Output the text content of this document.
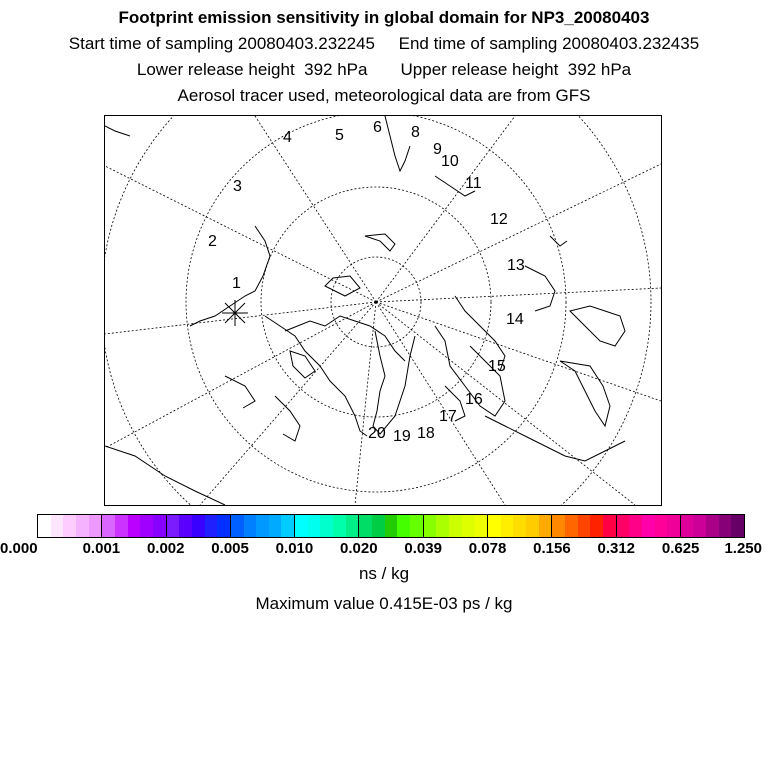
Footprint emission sensitivity in global domain for NP3_20080403
Start time of sampling 20080403.232245     End time of sampling 20080403.232435
Lower release height  392 hPa       Upper release height  392 hPa
Aerosol tracer used, meteorological data are from GFS
1
2
3
4	5 6 8
9
10
11
12
13
14
15
16
17
18
19
20
0.000	0.001 0.002 0.005 0.010 0.020 0.039 0.078 0.156 0.312 0.625 1.250
ns / kg
Maximum value 0.415E-03 ps / kg
